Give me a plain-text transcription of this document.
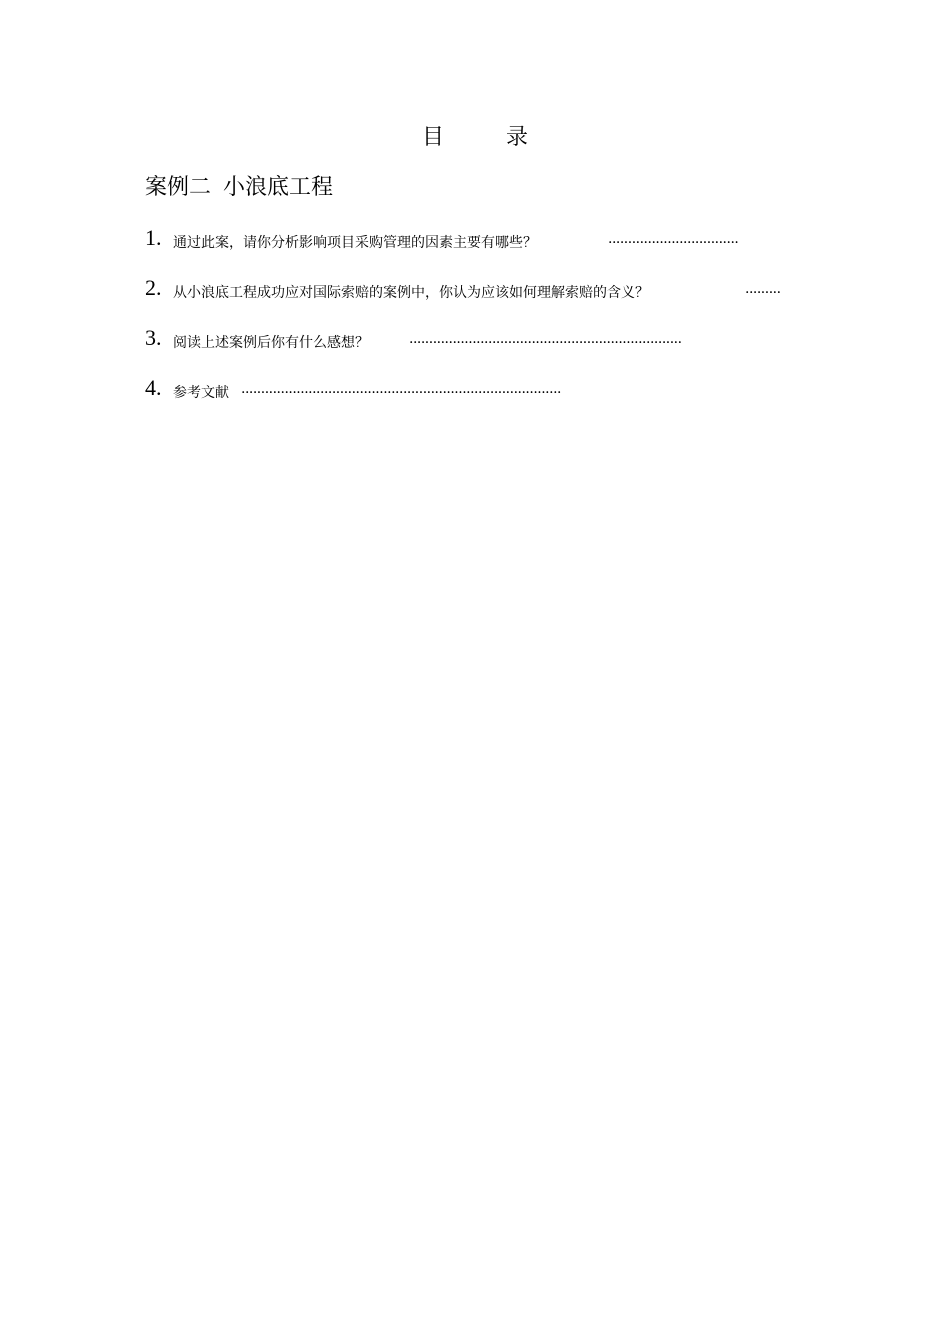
目	录
案例二 小浪底工程
1. 通过此案，请你分析影响项目采购管理的因素主要有哪些？	·································
2. 从小浪底工程成功应对国际索赔的案例中，你认为应该如何理解索赔的含义？	·········
3. 阅读上述案例后你有什么感想？	·····································································
4. 参考文献 ·················································································
